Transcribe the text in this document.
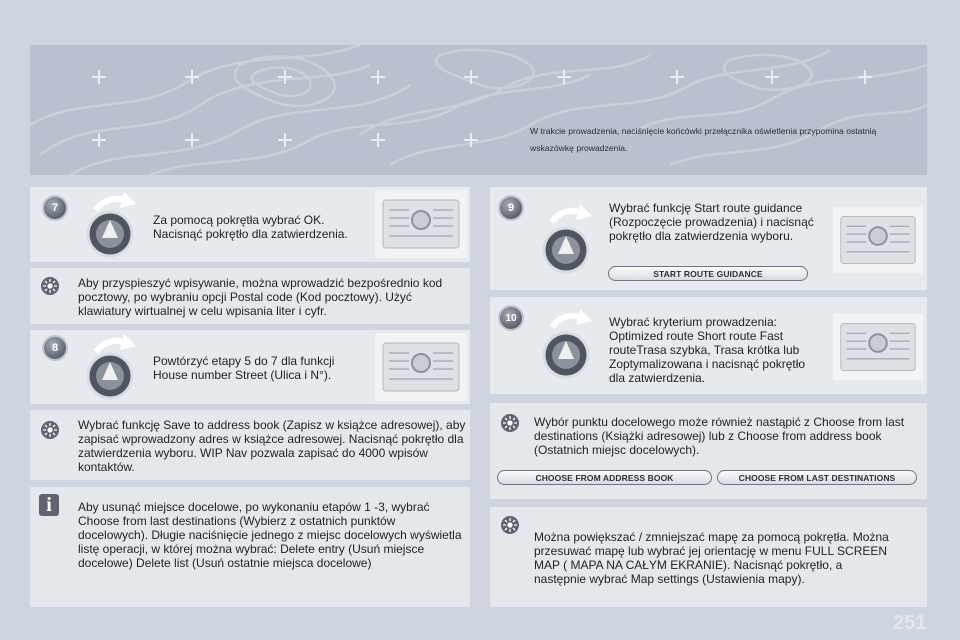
W trakcie prowadzenia, naciśnięcie końcówki przełącznika oświetlenia przypomina ostatnią wskazówkę prowadzenia.
7
Za pomocą pokrętła wybrać OK.
Nacisnąć pokrętło dla zatwierdzenia.
Aby przyspieszyć wpisywanie, można wprowadzić bezpośrednio kod pocztowy, po wybraniu opcji Postal code (Kod pocztowy). Użyć klawiatury wirtualnej w celu wpisania liter i cyfr.
8
Powtórzyć etapy 5 do 7 dla funkcji
House number Street (Ulica i N°).
Wybrać funkcję Save to address book (Zapisz w książce adresowej), aby zapisać wprowadzony adres w książce adresowej. Nacisnąć pokrętło dla zatwierdzenia wyboru. WIP Nav pozwala zapisać do 4000 wpisów kontaktów.
i	Aby usunąć miejsce docelowe, po wykonaniu etapów 1 -3, wybrać Choose from last destinations (Wybierz z ostatnich punktów docelowych). Długie naciśnięcie jednego z miejsc docelowych wyświetla listę operacji, w której można wybrać: Delete entry (Usuń miejsce docelowe) Delete list (Usuń ostatnie miejsca docelowe)
9	Wybrać funkcję Start route guidance (Rozpoczęcie prowadzenia) i nacisnąć pokrętło dla zatwierdzenia wyboru.
START ROUTE GUIDANCE
10	Wybrać kryterium prowadzenia: Optimized route Short route Fast routeTrasa szybka, Trasa krótka lub Zoptymalizowana i nacisnąć pokrętło dla zatwierdzenia.
Wybór punktu docelowego może również nastąpić z Choose from last destinations (Książki adresowej) lub z Choose from address book (Ostatnich miejsc docelowych).
CHOOSE FROM ADDRESS BOOK	CHOOSE FROM LAST DESTINATIONS
Można powiększać / zmniejszać mapę za pomocą pokrętła. Można przesuwać mapę lub wybrać jej orientację w menu FULL SCREEN MAP ( MAPA NA CAŁYM EKRANIE). Nacisnąć pokrętło, a następnie wybrać Map settings (Ustawienia mapy).
251
